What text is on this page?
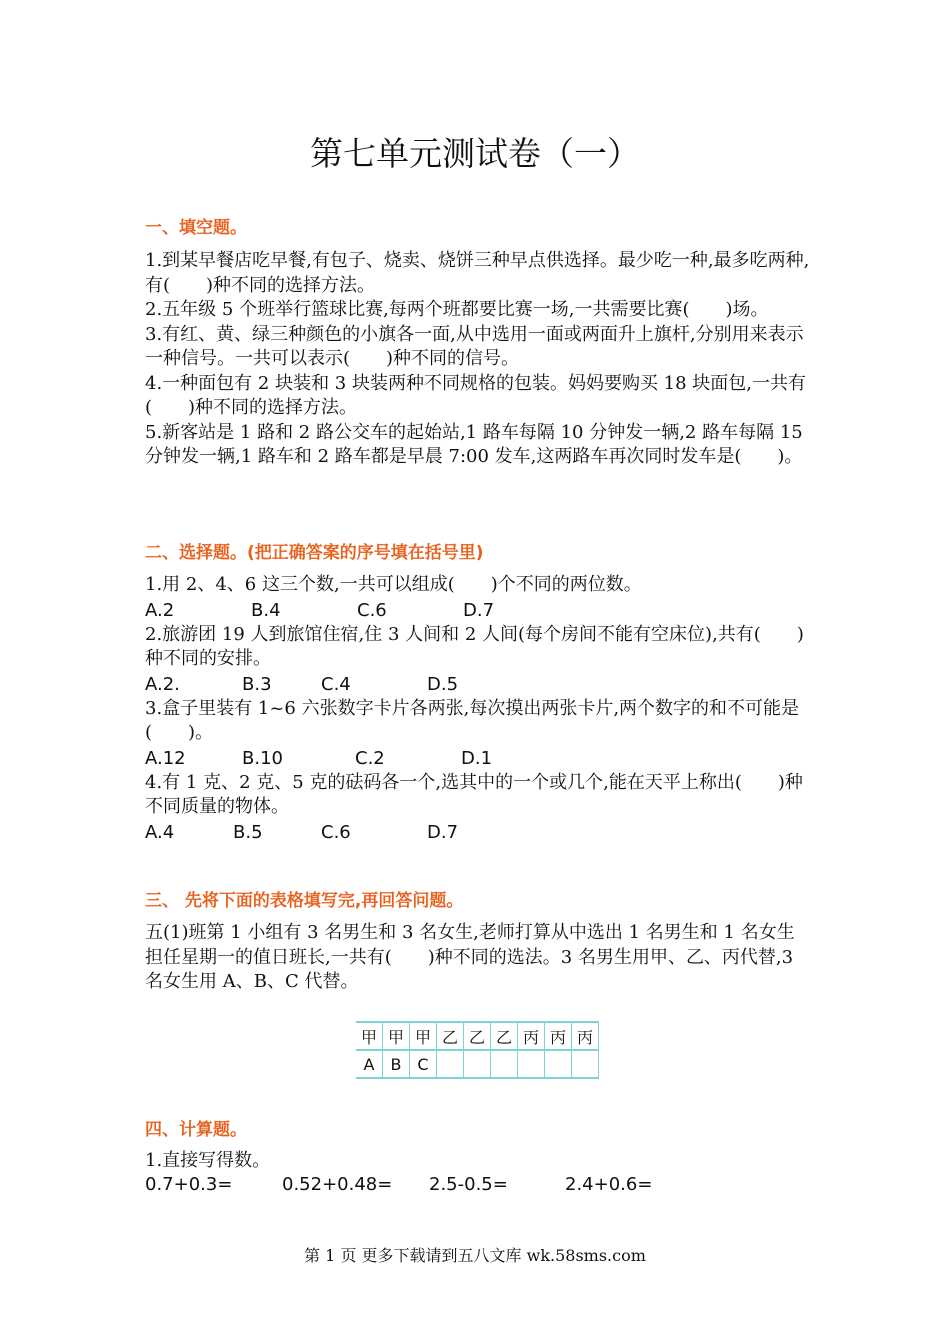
第七单元测试卷（一）
一、填空题。

1.到某早餐店吃早餐,有包子、烧卖、烧饼三种早点供选择。最少吃一种,最多吃两种,有(　　)种不同的选择方法。

2.五年级 5 个班举行篮球比赛,每两个班都要比赛一场,一共需要比赛(　　)场。

3.有红、黄、绿三种颜色的小旗各一面,从中选用一面或两面升上旗杆,分别用来表示一种信号。一共可以表示(　　)种不同的信号。

4.一种面包有 2 块装和 3 块装两种不同规格的包装。妈妈要购买 18 块面包,一共有(　　)种不同的选择方法。

5.新客站是 1 路和 2 路公交车的起始站,1 路车每隔 10 分钟发一辆,2 路车每隔 15 分钟发一辆,1 路车和 2 路车都是早晨 7:00 发车,这两路车再次同时发车是(　　)。

二、选择题。(把正确答案的序号填在括号里)

1.用 2、4、6 这三个数,一共可以组成(　　)个不同的两位数。

A.2	B.4	C.6	D.7

2.旅游团 19 人到旅馆住宿,住 3 人间和 2 人间(每个房间不能有空床位),共有(　　)种不同的安排。

A.2.	B.3	C.4	D.5

3.盒子里装有 1~6 六张数字卡片各两张,每次摸出两张卡片,两个数字的和不可能是(　　)。

A.12	B.10	C.2	D.1

4.有 1 克、2 克、5 克的砝码各一个,选其中的一个或几个,能在天平上称出(　　)种不同质量的物体。

A.4	B.5	C.6	D.7
三、 先将下面的表格填写完,再回答问题。

五(1)班第 1 小组有 3 名男生和 3 名女生,老师打算从中选出 1 名男生和 1 名女生担任星期一的值日班长,一共有(　　)种不同的选法。3 名男生用甲、乙、丙代替,3 名女生用 A、B、C 代替。

甲	甲	甲	乙	乙	乙	丙	丙	丙
A	B	C						
四、计算题。

1.直接写得数。

0.7+0.3=	0.52+0.48= 2.5-0.5=	2.4+0.6=
第 1 页 更多下载请到五八文库 wk.58sms.com
